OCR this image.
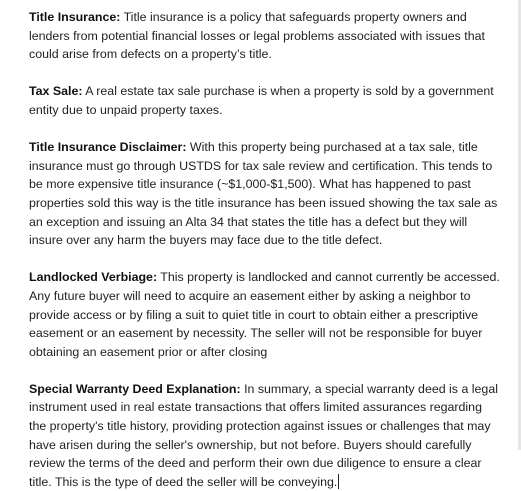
Title Insurance: Title insurance is a policy that safeguards property owners and lenders from potential financial losses or legal problems associated with issues that could arise from defects on a property’s title.

Tax Sale: A real estate tax sale purchase is when a property is sold by a government entity due to unpaid property taxes.

Title Insurance Disclaimer: With this property being purchased at a tax sale, title insurance must go through USTDS for tax sale review and certification. This tends to be more expensive title insurance (~$1,000-$1,500). What has happened to past properties sold this way is the title insurance has been issued showing the tax sale as an exception and issuing an Alta 34 that states the title has a defect but they will insure over any harm the buyers may face due to the title defect.

Landlocked Verbiage: This property is landlocked and cannot currently be accessed. Any future buyer will need to acquire an easement either by asking a neighbor to provide access or by filing a suit to quiet title in court to obtain either a prescriptive easement or an easement by necessity. The seller will not be responsible for buyer obtaining an easement prior or after closing

Special Warranty Deed Explanation: In summary, a special warranty deed is a legal instrument used in real estate transactions that offers limited assurances regarding the property's title history, providing protection against issues or challenges that may have arisen during the seller's ownership, but not before. Buyers should carefully review the terms of the deed and perform their own due diligence to ensure a clear title. This is the type of deed the seller will be conveying.
